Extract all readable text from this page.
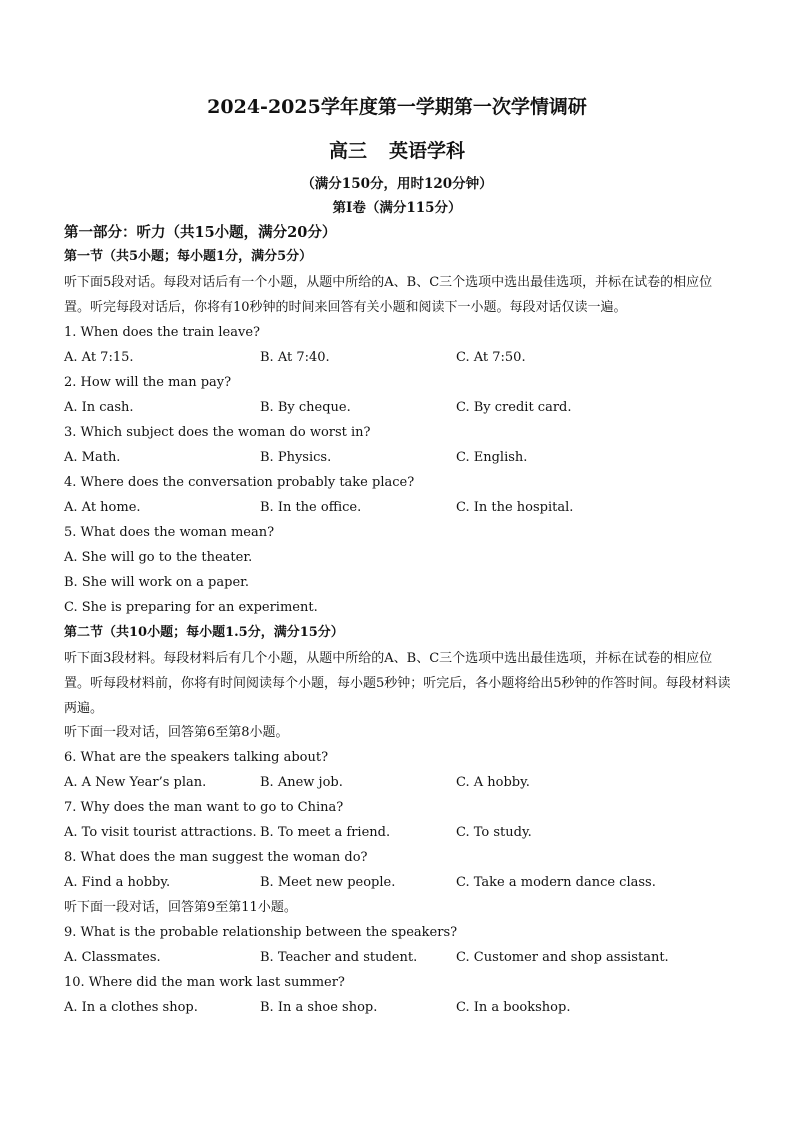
2024-2025学年度第一学期第一次学情调研
高三 英语学科
（满分150分，用时120分钟）
第Ⅰ卷（满分115分）
第一部分：听力（共15小题，满分20分）
第一节（共5小题；每小题1分，满分5分）
听下面5段对话。每段对话后有一个小题，从题中所给的A、B、C三个选项中选出最佳选项，并标在试卷的相应位置。听完每段对话后，你将有10秒钟的时间来回答有关小题和阅读下一小题。每段对话仅读一遍。
1. When does the train leave?
A. At 7:15.	B. At 7:40.	C. At 7:50.
2. How will the man pay?
A. In cash.	B. By cheque.	C. By credit card.
3. Which subject does the woman do worst in?
A. Math.	B. Physics.	C. English.
4. Where does the conversation probably take place?
A. At home.	B. In the office.	C. In the hospital.
5. What does the woman mean?
A. She will go to the theater.
B. She will work on a paper.
C. She is preparing for an experiment.
第二节（共10小题；每小题1.5分，满分15分）
听下面3段材料。每段材料后有几个小题，从题中所给的A、B、C三个选项中选出最佳选项，并标在试卷的相应位置。听每段材料前，你将有时间阅读每个小题，每小题5秒钟；听完后，各小题将给出5秒钟的作答时间。每段材料读两遍。
听下面一段对话，回答第6至第8小题。
6. What are the speakers talking about?
A. A New Year’s plan.	B. Anew job.	C. A hobby.
7. Why does the man want to go to China?
A. To visit tourist attractions. B. To meet a friend.	C. To study.
8. What does the man suggest the woman do?
A. Find a hobby.	B. Meet new people.	C. Take a modern dance class.
听下面一段对话，回答第9至第11小题。
9. What is the probable relationship between the speakers?
A. Classmates.	B. Teacher and student.	C. Customer and shop assistant.
10. Where did the man work last summer?
A. In a clothes shop.	B. In a shoe shop.	C. In a bookshop.
